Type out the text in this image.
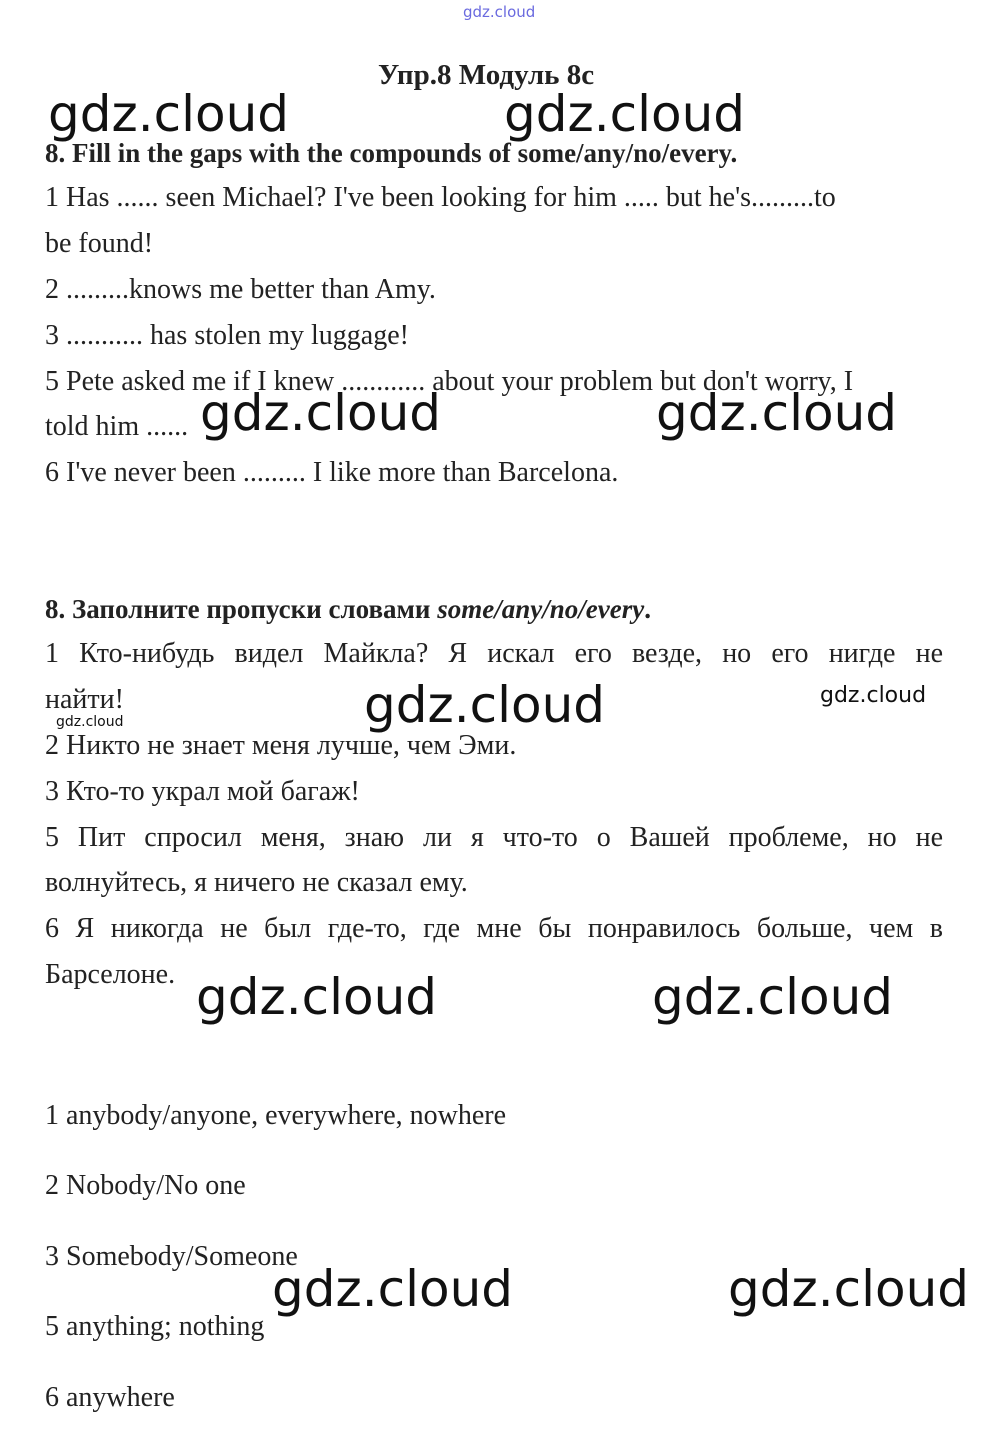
gdz.cloud
Упр.8 Модуль 8с
8. Fill in the gaps with the compounds of some/any/no/every.
1 Has ...... seen Michael? I've been looking for him ..... but he's.........to
be found!
2 .........knows me better than Amy.
3 ........... has stolen my luggage!
5 Pete asked me if I knew ............ about your problem but don't worry, I
told him ......
6 I've never been ......... I like more than Barcelona.
8. Заполните пропуски словами some/any/no/every.
1 Кто-нибудь видел Майкла? Я искал его везде, но его нигде не
найти!
2 Никто не знает меня лучше, чем Эми.
3 Кто-то украл мой багаж!
5 Пит спросил меня, знаю ли я что-то о Вашей проблеме, но не
волнуйтесь, я ничего не сказал ему.
6 Я никогда не был где-то, где мне бы понравилось больше, чем в
Барселоне.
1 anybody/anyone, everywhere, nowhere
2 Nobody/No one
3 Somebody/Someone
5 anything; nothing
6 anywhere
gdz.cloud	gdz.cloud
gdz.cloud	gdz.cloud
gdz.cloud	gdz.cloud
gdz.cloud
gdz.cloud	gdz.cloud
gdz.cloud	gdz.cloud
